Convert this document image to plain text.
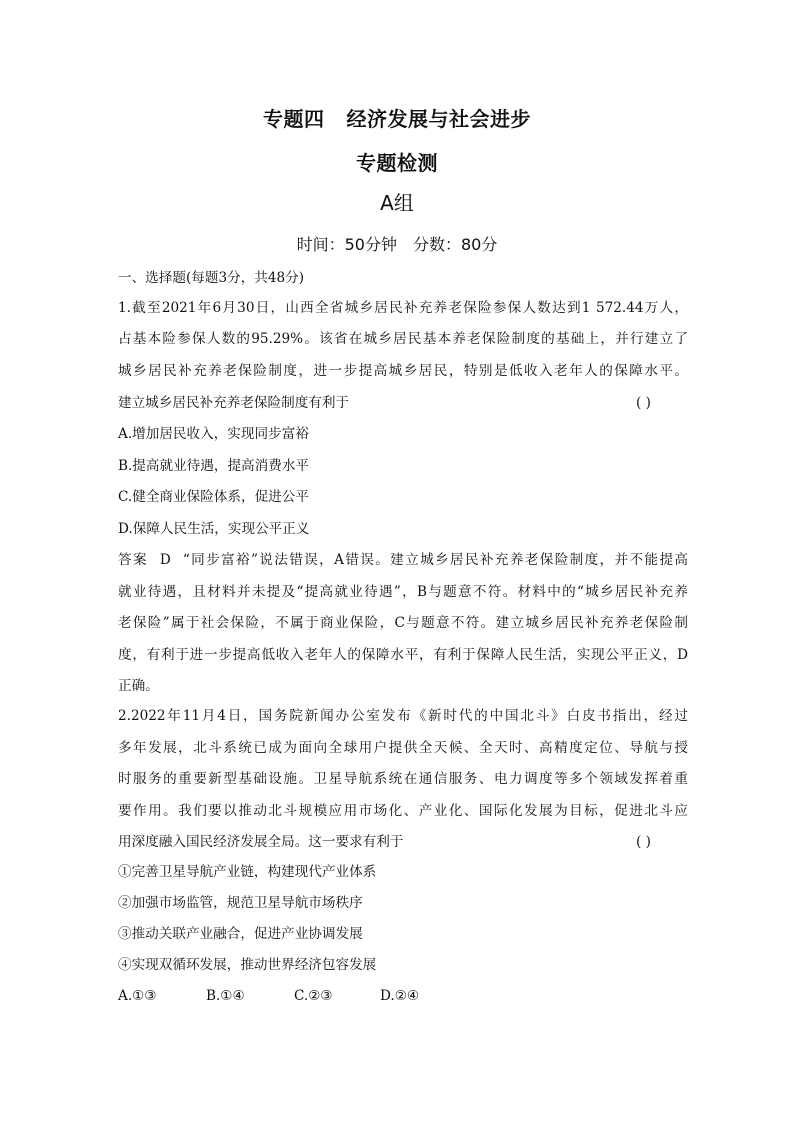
专题四 经济发展与社会进步
专题检测
A组
时间：50分钟 分数：80分
一、选择题(每题3分，共48分)
1.截至2021年6月30日，山西全省城乡居民补充养老保险参保人数达到1 572.44万人，
占基本险参保人数的95.29%。该省在城乡居民基本养老保险制度的基础上，并行建立了
城乡居民补充养老保险制度，进一步提高城乡居民，特别是低收入老年人的保障水平。
建立城乡居民补充养老保险制度有利于	( )
A.增加居民收入，实现同步富裕
B.提高就业待遇，提高消费水平
C.健全商业保险体系，促进公平
D.保障人民生活，实现公平正义
答案 D “同步富裕”说法错误，A错误。建立城乡居民补充养老保险制度，并不能提高
就业待遇，且材料并未提及“提高就业待遇”，B与题意不符。材料中的“城乡居民补充养
老保险”属于社会保险，不属于商业保险，C与题意不符。建立城乡居民补充养老保险制
度，有利于进一步提高低收入老年人的保障水平，有利于保障人民生活，实现公平正义，D
正确。
2.2022年11月4日，国务院新闻办公室发布《新时代的中国北斗》白皮书指出，经过
多年发展，北斗系统已成为面向全球用户提供全天候、全天时、高精度定位、导航与授
时服务的重要新型基础设施。卫星导航系统在通信服务、电力调度等多个领域发挥着重
要作用。我们要以推动北斗规模应用市场化、产业化、国际化发展为目标，促进北斗应
用深度融入国民经济发展全局。这一要求有利于	( )
①完善卫星导航产业链，构建现代产业体系
②加强市场监管，规范卫星导航市场秩序
③推动关联产业融合，促进产业协调发展
④实现双循环发展，推动世界经济包容发展
A.①③	B.①④	C.②③	D.②④
